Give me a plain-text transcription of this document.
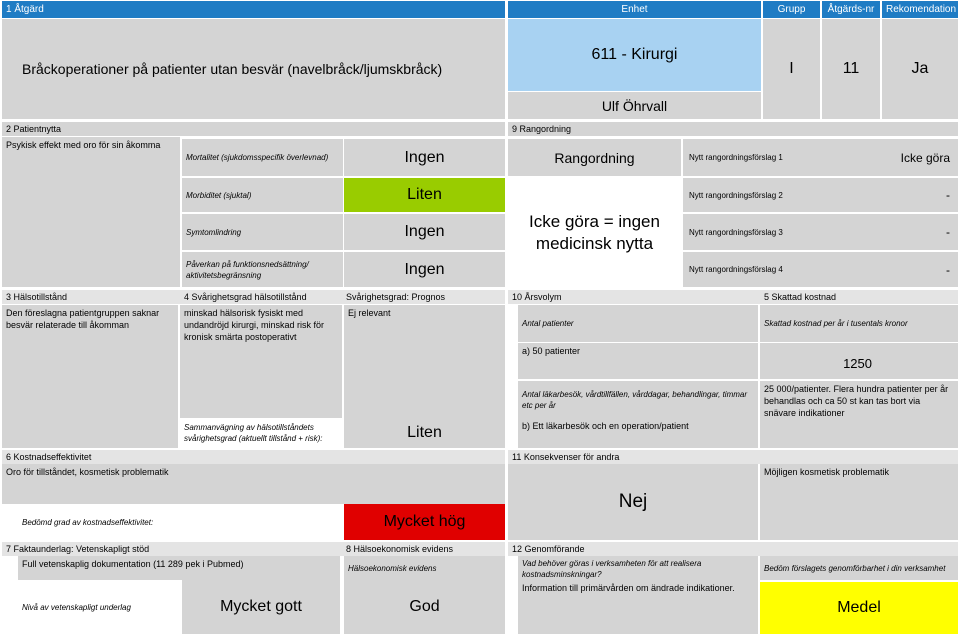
1 Åtgärd	Enhet	Grupp	Åtgärds-nr	Rekomendation
Bråckoperationer på patienter utan besvär (navelbråck/ljumskbråck)
611 - Kirurgi
Ulf Öhrvall
I	11	Ja
2 Patientnytta
Psykisk effekt med oro för sin åkomma
Mortalitet (sjukdomsspecifik överlevnad)	Ingen
Morbiditet (sjuktal)	Liten
Symtomlindring	Ingen
Påverkan på funktionsnedsättning/ aktivitetsbegränsning	Ingen
9 Rangordning
Rangordning
Icke göra = ingen medicinsk nytta
Nytt rangordningsförslag 1	Icke göra
Nytt rangordningsförslag 2	-
Nytt rangordningsförslag 3	-
Nytt rangordningsförslag 4	-
3 Hälsotillstånd	4 Svårighetsgrad hälsotillstånd	Svårighetsgrad: Prognos
Den föreslagna patientgruppen saknar besvär relaterade till åkomman
minskad hälsorisk fysiskt med undandröjd kirurgi, minskad risk för kronisk smärta postoperativt
Ej relevant
Sammanvägning av hälsotillståndets svårighetsgrad (aktuellt tillstånd + risk):	Liten
10 Årsvolym	5 Skattad kostnad
Antal patienter
a) 50 patienter
Skattad kostnad per år i tusentals kronor
1250
Antal läkarbesök, vårdtillfällen, vårddagar, behandlingar, timmar etc per år
b) Ett läkarbesök och en operation/patient
25 000/patienter. Flera hundra patienter per år behandlas och ca 50 st kan tas bort via snävare indikationer
6 Kostnadseffektivitet
Oro för tillståndet, kosmetisk problematik
Bedömd grad av kostnadseffektivitet:	Mycket hög
11 Konsekvenser för andra
Nej
Möjligen kosmetisk problematik
7 Faktaunderlag: Vetenskapligt stöd	8 Hälsoekonomisk evidens
Full vetenskaplig dokumentation (11 289 pek i Pubmed)
Nivå av vetenskapligt underlag	Mycket gott
Hälsoekonomisk evidens
God
12 Genomförande
Vad behöver göras i verksamheten för att realisera kostnadsminskningar?
Information till primärvården om ändrade indikationer.
Bedöm förslagets genomförbarhet i din verksamhet
Medel
